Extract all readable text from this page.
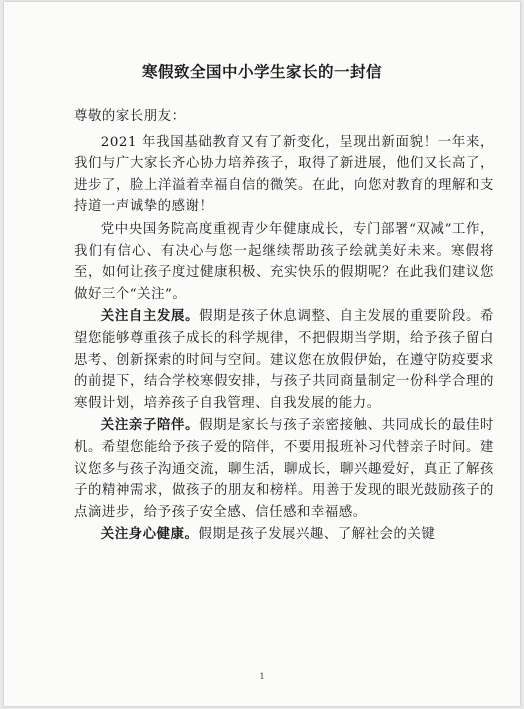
寒假致全国中小学生家长的一封信

尊敬的家长朋友：

2021 年我国基础教育又有了新变化，呈现出新面貌！一年来，我们与广大家长齐心协力培养孩子，取得了新进展，他们又长高了，进步了，脸上洋溢着幸福自信的微笑。在此，向您对教育的理解和支持道一声诚挚的感谢！

党中央国务院高度重视青少年健康成长，专门部署“双减”工作，我们有信心、有决心与您一起继续帮助孩子绘就美好未来。寒假将至，如何让孩子度过健康积极、充实快乐的假期呢？在此我们建议您做好三个“关注”。

关注自主发展。假期是孩子休息调整、自主发展的重要阶段。希望您能够尊重孩子成长的科学规律，不把假期当学期，给予孩子留白思考、创新探索的时间与空间。建议您在放假伊始，在遵守防疫要求的前提下，结合学校寒假安排，与孩子共同商量制定一份科学合理的寒假计划，培养孩子自我管理、自我发展的能力。

关注亲子陪伴。假期是家长与孩子亲密接触、共同成长的最佳时机。希望您能给予孩子爱的陪伴，不要用报班补习代替亲子时间。建议您多与孩子沟通交流，聊生活，聊成长，聊兴趣爱好，真正了解孩子的精神需求，做孩子的朋友和榜样。用善于发现的眼光鼓励孩子的点滴进步，给予孩子安全感、信任感和幸福感。

关注身心健康。假期是孩子发展兴趣、了解社会的关键

1
